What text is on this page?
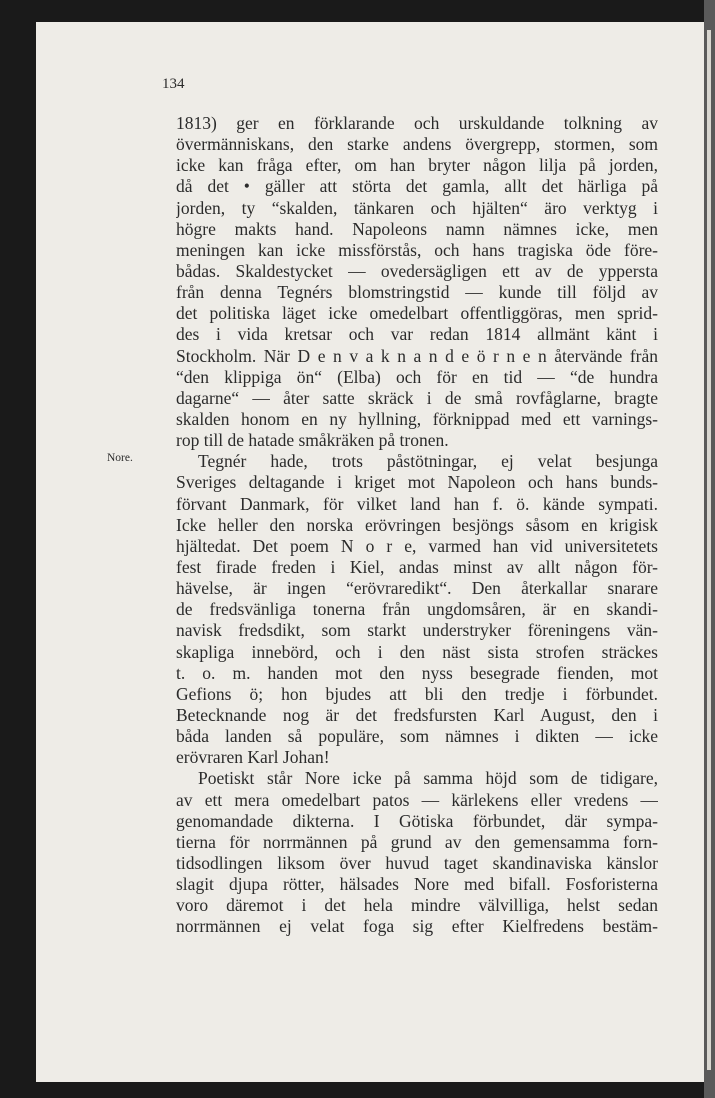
134
Nore.
1813) ger en förklarande och urskuldande tolkning av
övermänniskans, den starke andens övergrepp, stormen, som
icke kan fråga efter, om han bryter någon lilja på jorden,
då det • gäller att störta det gamla, allt det härliga på
jorden, ty “skalden, tänkaren och hjälten“ äro verktyg i
högre makts hand. Napoleons namn nämnes icke, men
meningen kan icke missförstås, och hans tragiska öde före-
bådas. Skaldestycket — ovedersägligen ett av de yppersta
från denna Tegnérs blomstringstid — kunde till följd av
det politiska läget icke omedelbart offentliggöras, men sprid-
des i vida kretsar och var redan 1814 allmänt känt i
Stockholm. När D e n v a k n a n d e ö r n e n återvände från
“den klippiga ön“ (Elba) och för en tid — “de hundra
dagarne“ — åter satte skräck i de små rovfåglarne, bragte
skalden honom en ny hyllning, förknippad med ett varnings-
rop till de hatade småkräken på tronen.
Tegnér hade, trots påstötningar, ej velat besjunga
Sveriges deltagande i kriget mot Napoleon och hans bunds-
förvant Danmark, för vilket land han f. ö. kände sympati.
Icke heller den norska erövringen besjöngs såsom en krigisk
hjältedat. Det poem N o r e, varmed han vid universitetets
fest firade freden i Kiel, andas minst av allt någon för-
hävelse, är ingen “erövraredikt“. Den återkallar snarare
de fredsvänliga tonerna från ungdomsåren, är en skandi-
navisk fredsdikt, som starkt understryker föreningens vän-
skapliga innebörd, och i den näst sista strofen sträckes
t. o. m. handen mot den nyss besegrade fienden, mot
Gefions ö; hon bjudes att bli den tredje i förbundet.
Betecknande nog är det fredsfursten Karl August, den i
båda landen så populäre, som nämnes i dikten — icke
erövraren Karl Johan!
Poetiskt står Nore icke på samma höjd som de tidigare,
av ett mera omedelbart patos — kärlekens eller vredens —
genomandade dikterna. I Götiska förbundet, där sympa-
tierna för norrmännen på grund av den gemensamma forn-
tidsodlingen liksom över huvud taget skandinaviska känslor
slagit djupa rötter, hälsades Nore med bifall. Fosforisterna
voro däremot i det hela mindre välvilliga, helst sedan
norrmännen ej velat foga sig efter Kielfredens bestäm-
